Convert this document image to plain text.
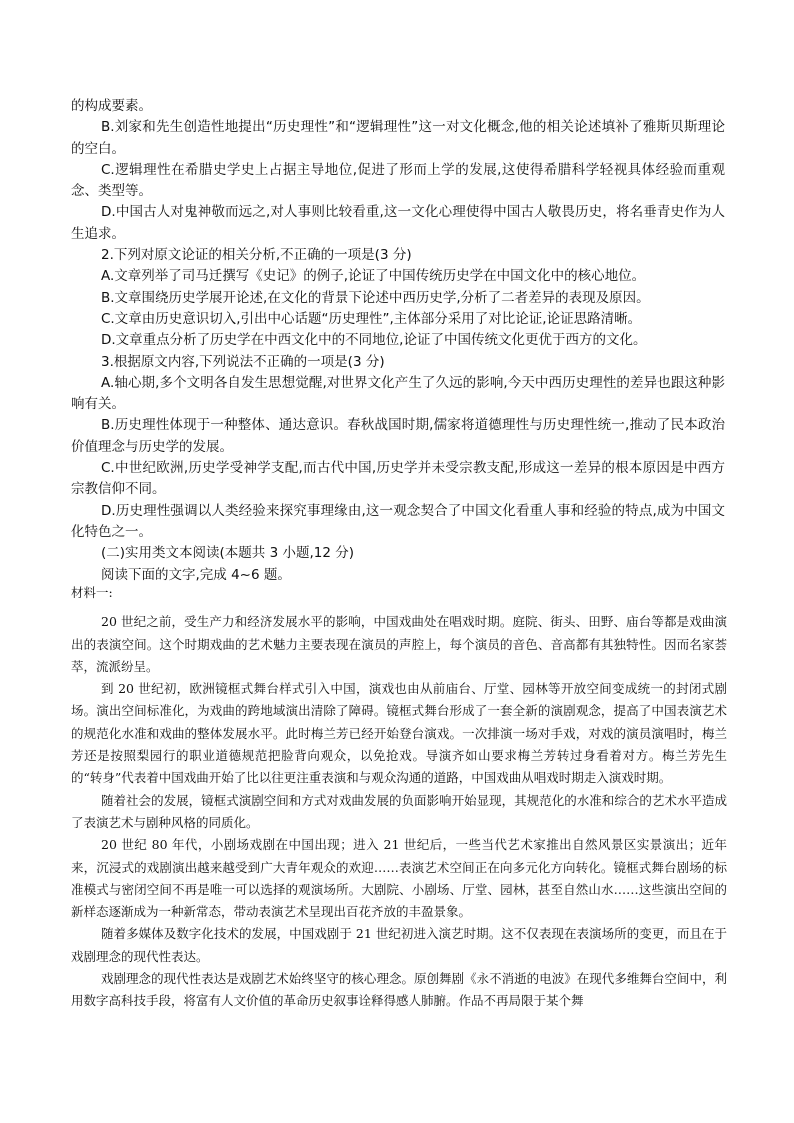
的构成要素。

B.刘家和先生创造性地提出“历史理性”和“逻辑理性”这一对文化概念,他的相关论述填补了雅斯贝斯理论的空白。

C.逻辑理性在希腊史学史上占据主导地位,促进了形而上学的发展,这使得希腊科学轻视具体经验而重观念、类型等。

D.中国古人对鬼神敬而远之,对人事则比较看重,这一文化心理使得中国古人敬畏历史，将名垂青史作为人生追求。

2.下列对原文论证的相关分析,不正确的一项是(3 分)

A.文章列举了司马迁撰写《史记》的例子,论证了中国传统历史学在中国文化中的核心地位。

B.文章围绕历史学展开论述,在文化的背景下论述中西历史学,分析了二者差异的表现及原因。

C.文章由历史意识切入,引出中心话题“历史理性”,主体部分采用了对比论证,论证思路清晰。

D.文章重点分析了历史学在中西文化中的不同地位,论证了中国传统文化更优于西方的文化。

3.根据原文内容,下列说法不正确的一项是(3 分)

A.轴心期,多个文明各自发生思想觉醒,对世界文化产生了久远的影响,今天中西历史理性的差异也跟这种影响有关。

B.历史理性体现于一种整体、通达意识。春秋战国时期,儒家将道德理性与历史理性统一,推动了民本政治价值理念与历史学的发展。

C.中世纪欧洲,历史学受神学支配,而古代中国,历史学并未受宗教支配,形成这一差异的根本原因是中西方宗教信仰不同。

D.历史理性强调以人类经验来探究事理缘由,这一观念契合了中国文化看重人事和经验的特点,成为中国文化特色之一。

(二)实用类文本阅读(本题共 3 小题,12 分)

阅读下面的文字,完成 4~6 题。

材料一:

20 世纪之前，受生产力和经济发展水平的影响，中国戏曲处在唱戏时期。庭院、街头、田野、庙台等都是戏曲演出的表演空间。这个时期戏曲的艺术魅力主要表现在演员的声腔上，每个演员的音色、音高都有其独特性。因而名家荟萃，流派纷呈。

到 20 世纪初，欧洲镜框式舞台样式引入中国，演戏也由从前庙台、厅堂、园林等开放空间变成统一的封闭式剧场。演出空间标准化，为戏曲的跨地域演出清除了障碍。镜框式舞台形成了一套全新的演剧观念，提高了中国表演艺术的规范化水准和戏曲的整体发展水平。此时梅兰芳已经开始登台演戏。一次排演一场对手戏，对戏的演员演唱时，梅兰芳还是按照梨园行的职业道德规范把脸背向观众，以免抢戏。导演齐如山要求梅兰芳转过身看着对方。梅兰芳先生的“转身”代表着中国戏曲开始了比以往更注重表演和与观众沟通的道路，中国戏曲从唱戏时期走入演戏时期。

随着社会的发展，镜框式演剧空间和方式对戏曲发展的负面影响开始显现，其规范化的水准和综合的艺术水平造成了表演艺术与剧种风格的同质化。

20 世纪 80 年代，小剧场戏剧在中国出现；进入 21 世纪后，一些当代艺术家推出自然风景区实景演出；近年来，沉浸式的戏剧演出越来越受到广大青年观众的欢迎……表演艺术空间正在向多元化方向转化。镜框式舞台剧场的标准模式与密闭空间不再是唯一可以选择的观演场所。大剧院、小剧场、厅堂、园林，甚至自然山水……这些演出空间的新样态逐渐成为一种新常态，带动表演艺术呈现出百花齐放的丰盈景象。

随着多媒体及数字化技术的发展，中国戏剧于 21 世纪初进入演艺时期。这不仅表现在表演场所的变更，而且在于戏剧理念的现代性表达。

戏剧理念的现代性表达是戏剧艺术始终坚守的核心理念。原创舞剧《永不消逝的电波》在现代多维舞台空间中，利用数字高科技手段，将富有人文价值的革命历史叙事诠释得感人肺腑。作品不再局限于某个舞
